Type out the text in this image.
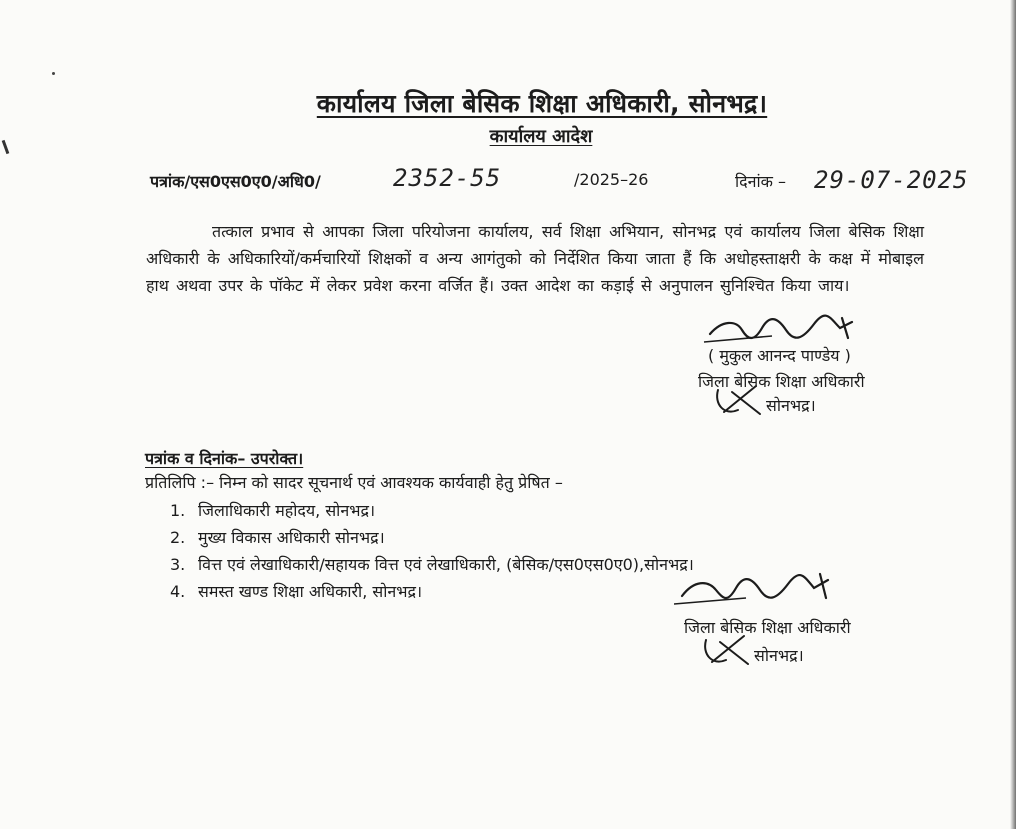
कार्यालय जिला बेसिक शिक्षा अधिकारी, सोनभद्र।
कार्यालय आदेश
पत्रांक/एस0एस0ए0/अधि0/	2352-55	/2025–26	दिनांक – 29-07-2025
तत्काल प्रभाव से आपका जिला परियोजना कार्यालय, सर्व शिक्षा अभियान, सोनभद्र एवं कार्यालय जिला बेसिक शिक्षा अधिकारी के अधिकारियों/कर्मचारियों शिक्षकों व अन्य आगंतुको को निर्देशित किया जाता हैं कि अधोहस्ताक्षरी के कक्ष में मोबाइल हाथ अथवा उपर के पॉकेट में लेकर प्रवेश करना वर्जित हैं। उक्त आदेश का कड़ाई से अनुपालन सुनिश्चित किया जाय।
( मुकुल आनन्द पाण्डेय )
जिला बेसिक शिक्षा अधिकारी
सोनभद्र।
पत्रांक व दिनांक– उपरोक्त।
प्रतिलिपि :– निम्न को सादर सूचनार्थ एवं आवश्यक कार्यवाही हेतु प्रेषित –
1. जिलाधिकारी महोदय, सोनभद्र।
2. मुख्य विकास अधिकारी सोनभद्र।
3. वित्त एवं लेखाधिकारी/सहायक वित्त एवं लेखाधिकारी, (बेसिक/एस0एस0ए0),सोनभद्र।
4. समस्त खण्ड शिक्षा अधिकारी, सोनभद्र।
जिला बेसिक शिक्षा अधिकारी
सोनभद्र।
